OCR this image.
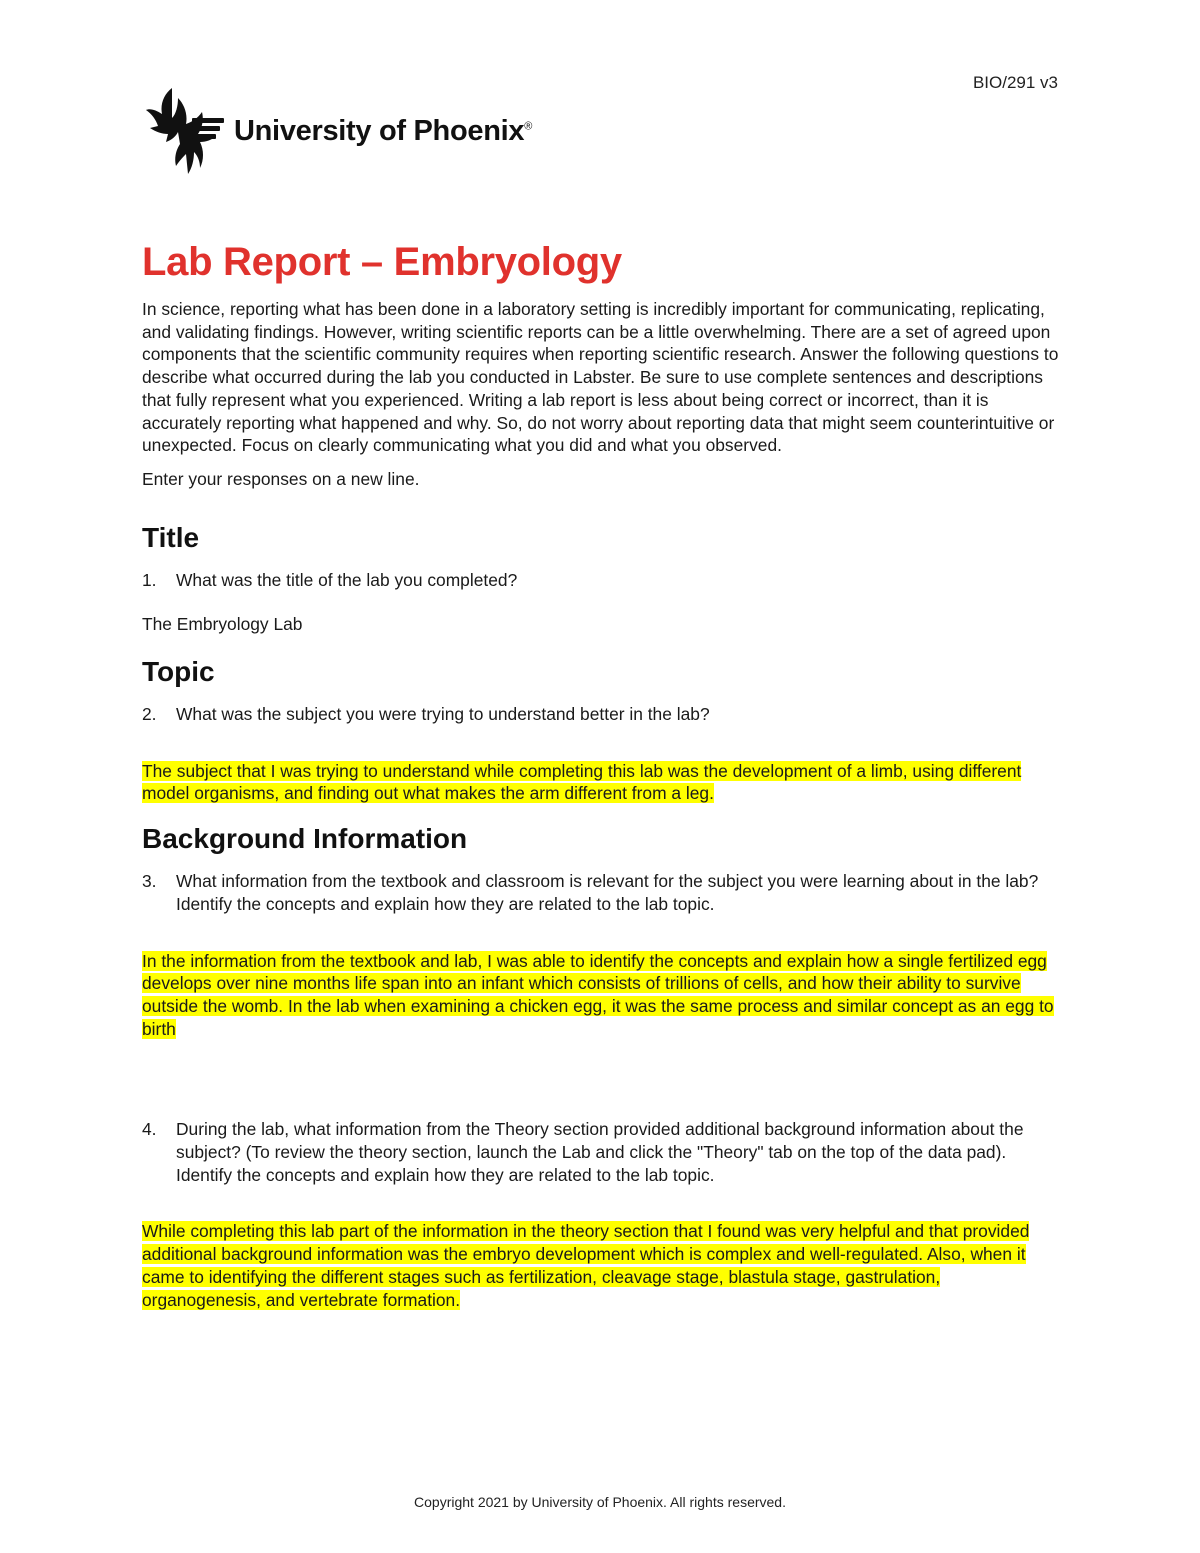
BIO/291 v3
University of Phoenix®
Lab Report – Embryology

In science, reporting what has been done in a laboratory setting is incredibly important for communicating, replicating, and validating findings. However, writing scientific reports can be a little overwhelming. There are a set of agreed upon components that the scientific community requires when reporting scientific research. Answer the following questions to describe what occurred during the lab you conducted in Labster. Be sure to use complete sentences and descriptions that fully represent what you experienced. Writing a lab report is less about being correct or incorrect, than it is accurately reporting what happened and why. So, do not worry about reporting data that might seem counterintuitive or unexpected. Focus on clearly communicating what you did and what you observed.

Enter your responses on a new line.

Title
1.	What was the title of the lab you completed?
The Embryology Lab
Topic
2.	What was the subject you were trying to understand better in the lab?

The subject that I was trying to understand while completing this lab was the development of a limb, using different model organisms, and finding out what makes the arm different from a leg.

Background Information
3.	What information from the textbook and classroom is relevant for the subject you were learning about in the lab? Identify the concepts and explain how they are related to the lab topic.

In the information from the textbook and lab, I was able to identify the concepts and explain how a single fertilized egg develops over nine months life span into an infant which consists of trillions of cells, and how their ability to survive outside the womb. In the lab when examining a chicken egg, it was the same process and similar concept as an egg to birth

4.	During the lab, what information from the Theory section provided additional background information about the subject? (To review the theory section, launch the Lab and click the "Theory" tab on the top of the data pad). Identify the concepts and explain how they are related to the lab topic.

While completing this lab part of the information in the theory section that I found was very helpful and that provided additional background information was the embryo development which is complex and well-regulated. Also, when it came to identifying the different stages such as fertilization, cleavage stage, blastula stage, gastrulation, organogenesis, and vertebrate formation.

Copyright 2021 by University of Phoenix. All rights reserved.
